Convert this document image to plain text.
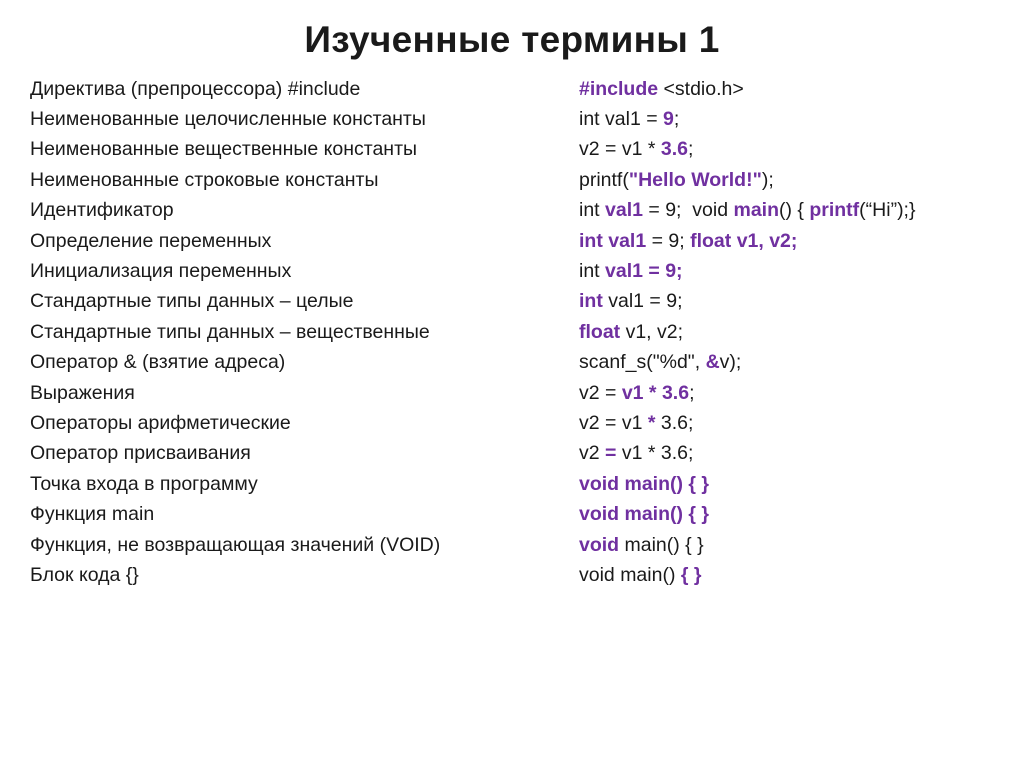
Изученные термины 1
Директива (препроцессора) #include	#include <stdio.h>
Неименованные целочисленные константы	int val1 = 9;
Неименованные вещественные константы	v2 = v1 * 3.6;
Неименованные строковые константы	printf("Hello World!");
Идентификатор	int val1 = 9;  void main() { printf(“Hi”);}
Определение переменных	int val1 = 9; float v1, v2;
Инициализация переменных	int val1 = 9;
Стандартные типы данных – целые	int val1 = 9;
Стандартные типы данных – вещественные	float v1, v2;
Оператор & (взятие адреса)	scanf_s("%d", &v);
Выражения	v2 = v1 * 3.6;
Операторы арифметические	v2 = v1 * 3.6;
Оператор присваивания	v2 = v1 * 3.6;
Точка входа в программу	void main() { }
Функция main	void main() { }
Функция, не возвращающая значений (VOID)	void main() { }
Блок кода {}	void main() { }
